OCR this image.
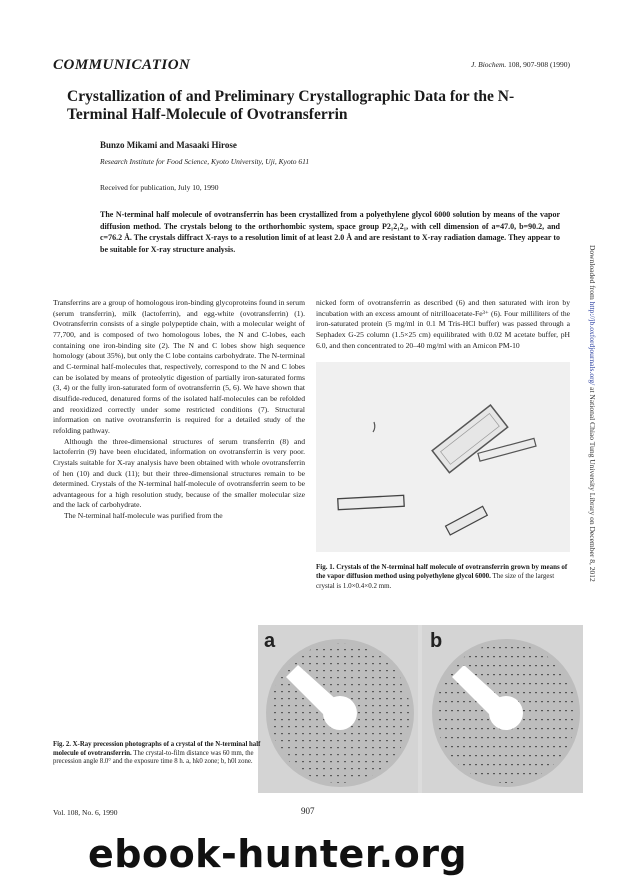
COMMUNICATION	J. Biochem. 108, 907-908 (1990)
Crystallization of and Preliminary Crystallographic Data for the N-Terminal Half-Molecule of Ovotransferrin
Bunzo Mikami and Masaaki Hirose
Research Institute for Food Science, Kyoto University, Uji, Kyoto 611
Received for publication, July 10, 1990
The N-terminal half molecule of ovotransferrin has been crystallized from a polyethylene glycol 6000 solution by means of the vapor diffusion method. The crystals belong to the orthorhombic system, space group P2₁2₁2₁, with cell dimension of a=47.0, b=90.2, and c=76.2 Å. The crystals diffract X-rays to a resolution limit of at least 2.0 Å and are resistant to X-ray radiation damage. They appear to be suitable for X-ray structure analysis.

Transferrins are a group of homologous iron-binding glycoproteins found in serum (serum transferrin), milk (lactoferrin), and egg-white (ovotransferrin) (1). Ovotransferrin consists of a single polypeptide chain, with a molecular weight of 77,700, and is composed of two homologous lobes, the N and C-lobes, each containing one iron-binding site (2). The N and C lobes show high sequence homology (about 35%), but only the C lobe contains carbohydrate. The N-terminal and C-terminal half-molecules that, respectively, correspond to the N and C lobes can be isolated by means of proteolytic digestion of partially iron-saturated forms (3, 4) or the fully iron-saturated form of ovotransferrin (5, 6). We have shown that disulfide-reduced, denatured forms of the isolated half-molecules can be refolded and reoxidized correctly under some restricted conditions (7). Structural information on native ovotransferrin is required for a detailed study of the refolding pathway.

Although the three-dimensional structures of serum transferrin (8) and lactoferrin (9) have been elucidated, information on ovotransferrin is very poor. Crystals suitable for X-ray analysis have been obtained with whole ovotransferrin of hen (10) and duck (11); but their three-dimensional structures remain to be determined. Crystals of the N-terminal half-molecule of ovotransferrin seem to be advantageous for a high resolution study, because of the smaller molecular size and the lack of carbohydrate.

The N-terminal half-molecule was purified from the

nicked form of ovotransferrin as described (6) and then saturated with iron by incubation with an excess amount of nitrilloacetate-Fe³⁺ (6). Four milliliters of the iron-saturated protein (5 mg/ml in 0.1 M Tris-HCl buffer) was passed through a Sephadex G-25 column (1.5×25 cm) equilibrated with 0.02 M acetate buffer, pH 6.0, and then concentrated to 20–40 mg/ml with an Amicon PM-10

Fig. 1. Crystals of the N-terminal half molecule of ovotransferrin grown by means of the vapor diffusion method using polyethylene glycol 6000. The size of the largest crystal is 1.0×0.4×0.2 mm.
a	b
Fig. 2. X-Ray precession photographs of a crystal of the N-terminal half molecule of ovotransferrin. The crystal-to-film distance was 60 mm, the precession angle 8.0° and the exposure time 8 h. a, hk0 zone; b, h0l zone.
Vol. 108, No. 6, 1990	907
Downloaded from http://jb.oxfordjournals.org/ at National Chiao Tung University Library on December 8, 2012
ebook-hunter.org
